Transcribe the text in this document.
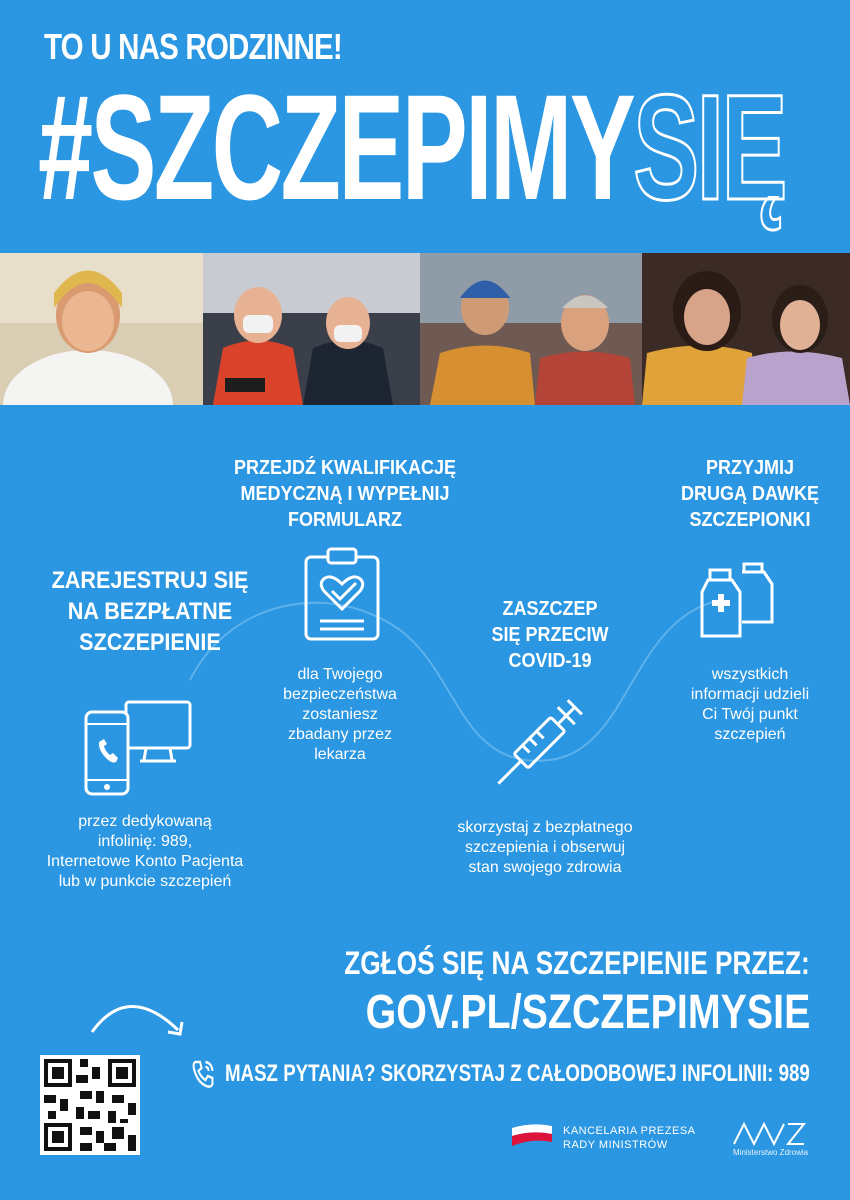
TO U NAS RODZINNE!
#SZCZEPIMYSIĘ
ZAREJESTRUJ SIĘ
NA BEZPŁATNE
SZCZEPIENIE
przez dedykowaną
infolinię: 989,
Internetowe Konto Pacjenta
lub w punkcie szczepień
PRZEJDŹ KWALIFIKACJĘ
MEDYCZNĄ I WYPEŁNIJ
FORMULARZ
dla Twojego
bezpieczeństwa
zostaniesz
zbadany przez
lekarza
ZASZCZEP
SIĘ PRZECIW
COVID-19
skorzystaj z bezpłatnego
szczepienia i obserwuj
stan swojego zdrowia
PRZYJMIJ
DRUGĄ DAWKĘ
SZCZEPIONKI
wszystkich
informacji udzieli
Ci Twój punkt
szczepień
ZGŁOŚ SIĘ NA SZCZEPIENIE PRZEZ:
GOV.PL/SZCZEPIMYSIE
MASZ PYTANIA? SKORZYSTAJ Z CAŁODOBOWEJ INFOLINII: 989
KANCELARIA PREZESA
RADY MINISTRÓW
Ministerstwo Zdrowia
